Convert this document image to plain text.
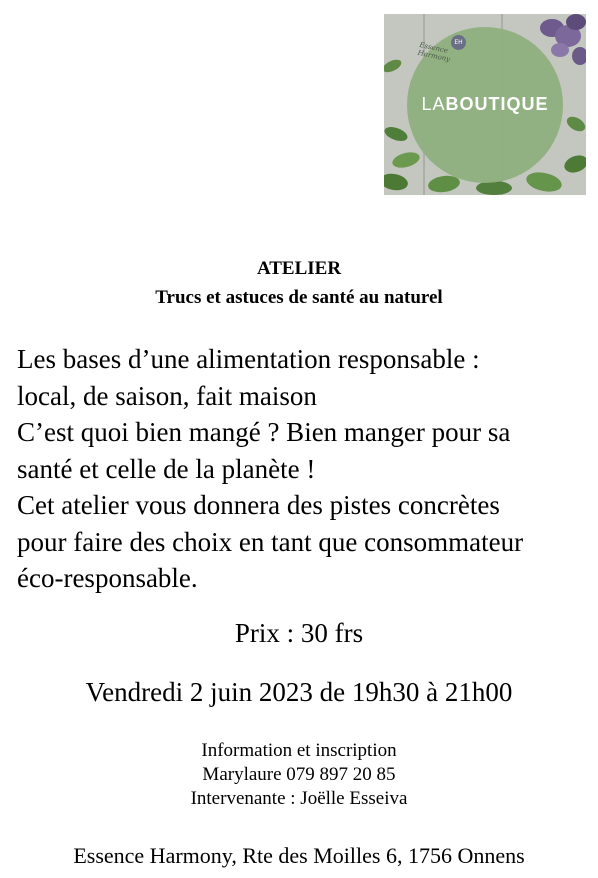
EH
Essence Harmony
LABOUTIQUE
ATELIER
Trucs et astuces de santé au naturel
Les bases d’une alimentation responsable :
local, de saison, fait maison
C’est quoi bien mangé ? Bien manger pour sa
santé et celle de la planète !
Cet atelier vous donnera des pistes concrètes
pour faire des choix en tant que consommateur
éco-responsable.
Prix : 30 frs
Vendredi 2 juin 2023 de 19h30 à 21h00
Information et inscription
Marylaure 079 897 20 85
Intervenante : Joëlle Esseiva
Essence Harmony, Rte des Moilles 6, 1756 Onnens
